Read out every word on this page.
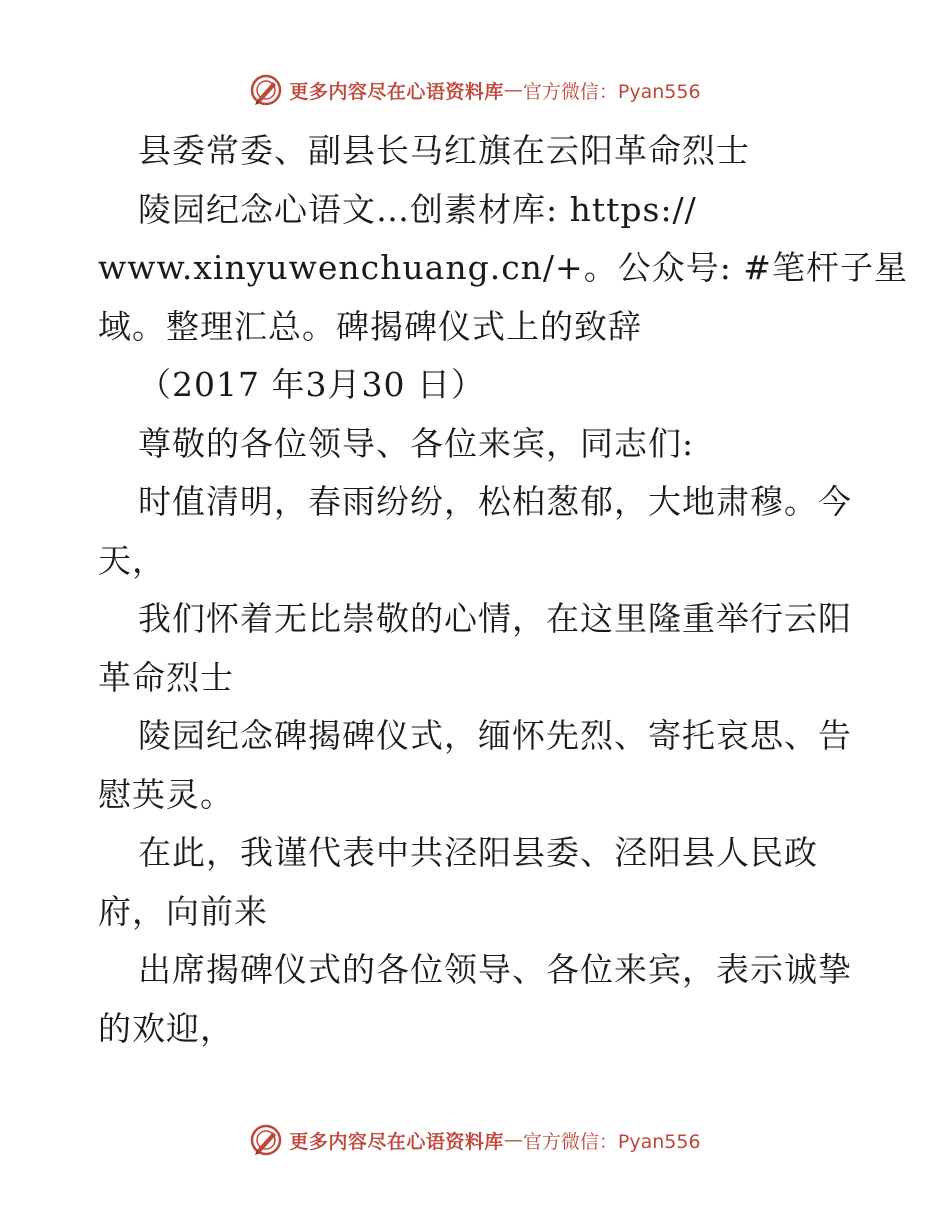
更多内容尽在心语资料库 — 官方微信：Pyan556
县委常委、副县长马红旗在云阳革命烈士
陵园纪念心语文…创素材库: https://
www.xinyuwenchuang.cn/+。公众号: #笔杆子星
域。整理汇总。碑揭碑仪式上的致辞
（2017 年3月30 日）
尊敬的各位领导、各位来宾，同志们:
时值清明，春雨纷纷，松柏葱郁，大地肃穆。今
天，
我们怀着无比崇敬的心情，在这里隆重举行云阳
革命烈士
陵园纪念碑揭碑仪式，缅怀先烈、寄托哀思、告
慰英灵。
在此，我谨代表中共泾阳县委、泾阳县人民政
府，向前来
出席揭碑仪式的各位领导、各位来宾，表示诚挚
的欢迎，
更多内容尽在心语资料库 — 官方微信：Pyan556
